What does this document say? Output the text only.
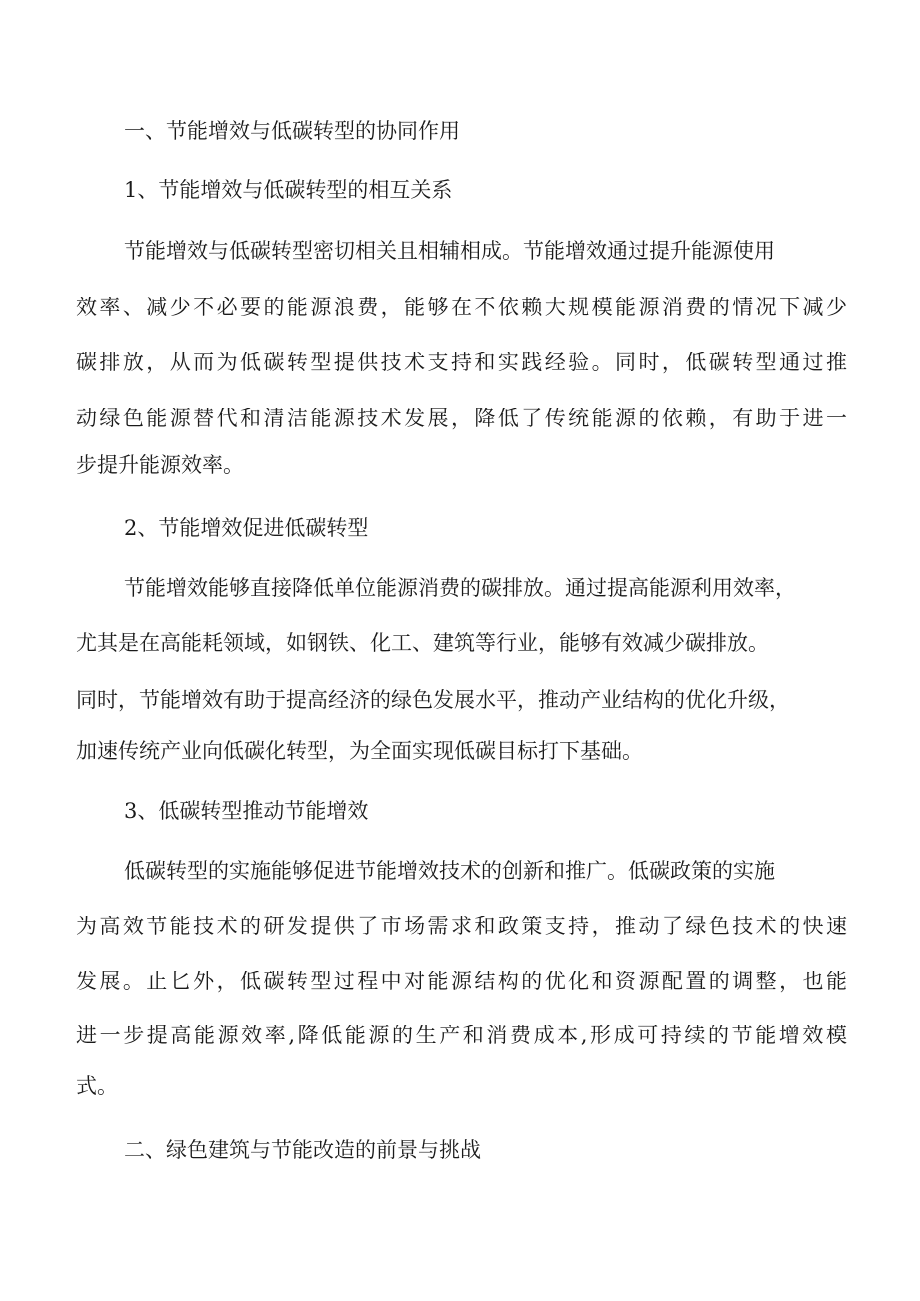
一、节能增效与低碳转型的协同作用
1、节能增效与低碳转型的相互关系
节能增效与低碳转型密切相关且相辅相成。节能增效通过提升能源使用
效率、减少不必要的能源浪费，能够在不依赖大规模能源消费的情况下减少
碳排放，从而为低碳转型提供技术支持和实践经验。同时，低碳转型通过推
动绿色能源替代和清洁能源技术发展，降低了传统能源的依赖，有助于进一
步提升能源效率。
2、节能增效促进低碳转型
节能增效能够直接降低单位能源消费的碳排放。通过提高能源利用效率，
尤其是在高能耗领域，如钢铁、化工、建筑等行业，能够有效减少碳排放。
同时，节能增效有助于提高经济的绿色发展水平，推动产业结构的优化升级，
加速传统产业向低碳化转型，为全面实现低碳目标打下基础。
3、低碳转型推动节能增效
低碳转型的实施能够促进节能增效技术的创新和推广。低碳政策的实施
为高效节能技术的研发提供了市场需求和政策支持，推动了绿色技术的快速
发展。止匕外，低碳转型过程中对能源结构的优化和资源配置的调整，也能
进一步提高能源效率,降低能源的生产和消费成本,形成可持续的节能增效模
式。
二、绿色建筑与节能改造的前景与挑战
